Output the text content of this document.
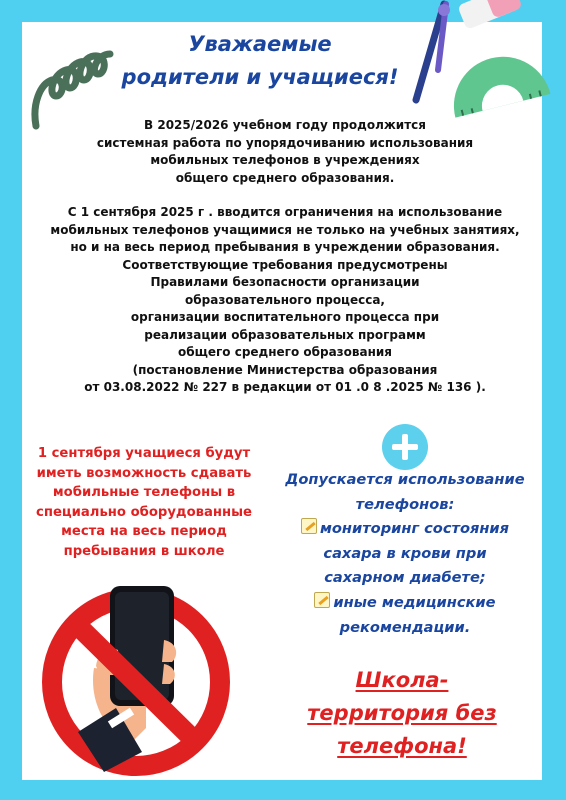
Уважаемые
родители и учащиеся!
В 2025/2026 учебном году продолжится
системная работа по упорядочиванию использования
мобильных телефонов в учреждениях
общего среднего образования.
С 1 сентября 2025 г . вводится ограничения на использование
мобильных телефонов учащимися не только на учебных занятиях,
но и на весь период пребывания в учреждении образования.
Соответствующие требования предусмотрены
Правилами безопасности организации
образовательного процесса,
организации воспитательного процесса при
реализации образовательных программ
общего среднего образования
(постановление Министерства образования
от 03.08.2022 № 227 в редакции от 01 .0 8 .2025 № 136 ).
1 сентября учащиеся будут
иметь возможность сдавать
мобильные телефоны в
специально оборудованные
места на весь период
пребывания в школе
Допускается использование
телефонов:
мониторинг состояния
сахара в крови при
сахарном диабете;
иные медицинские
рекомендации.
Школа-
территория без
телефона!
